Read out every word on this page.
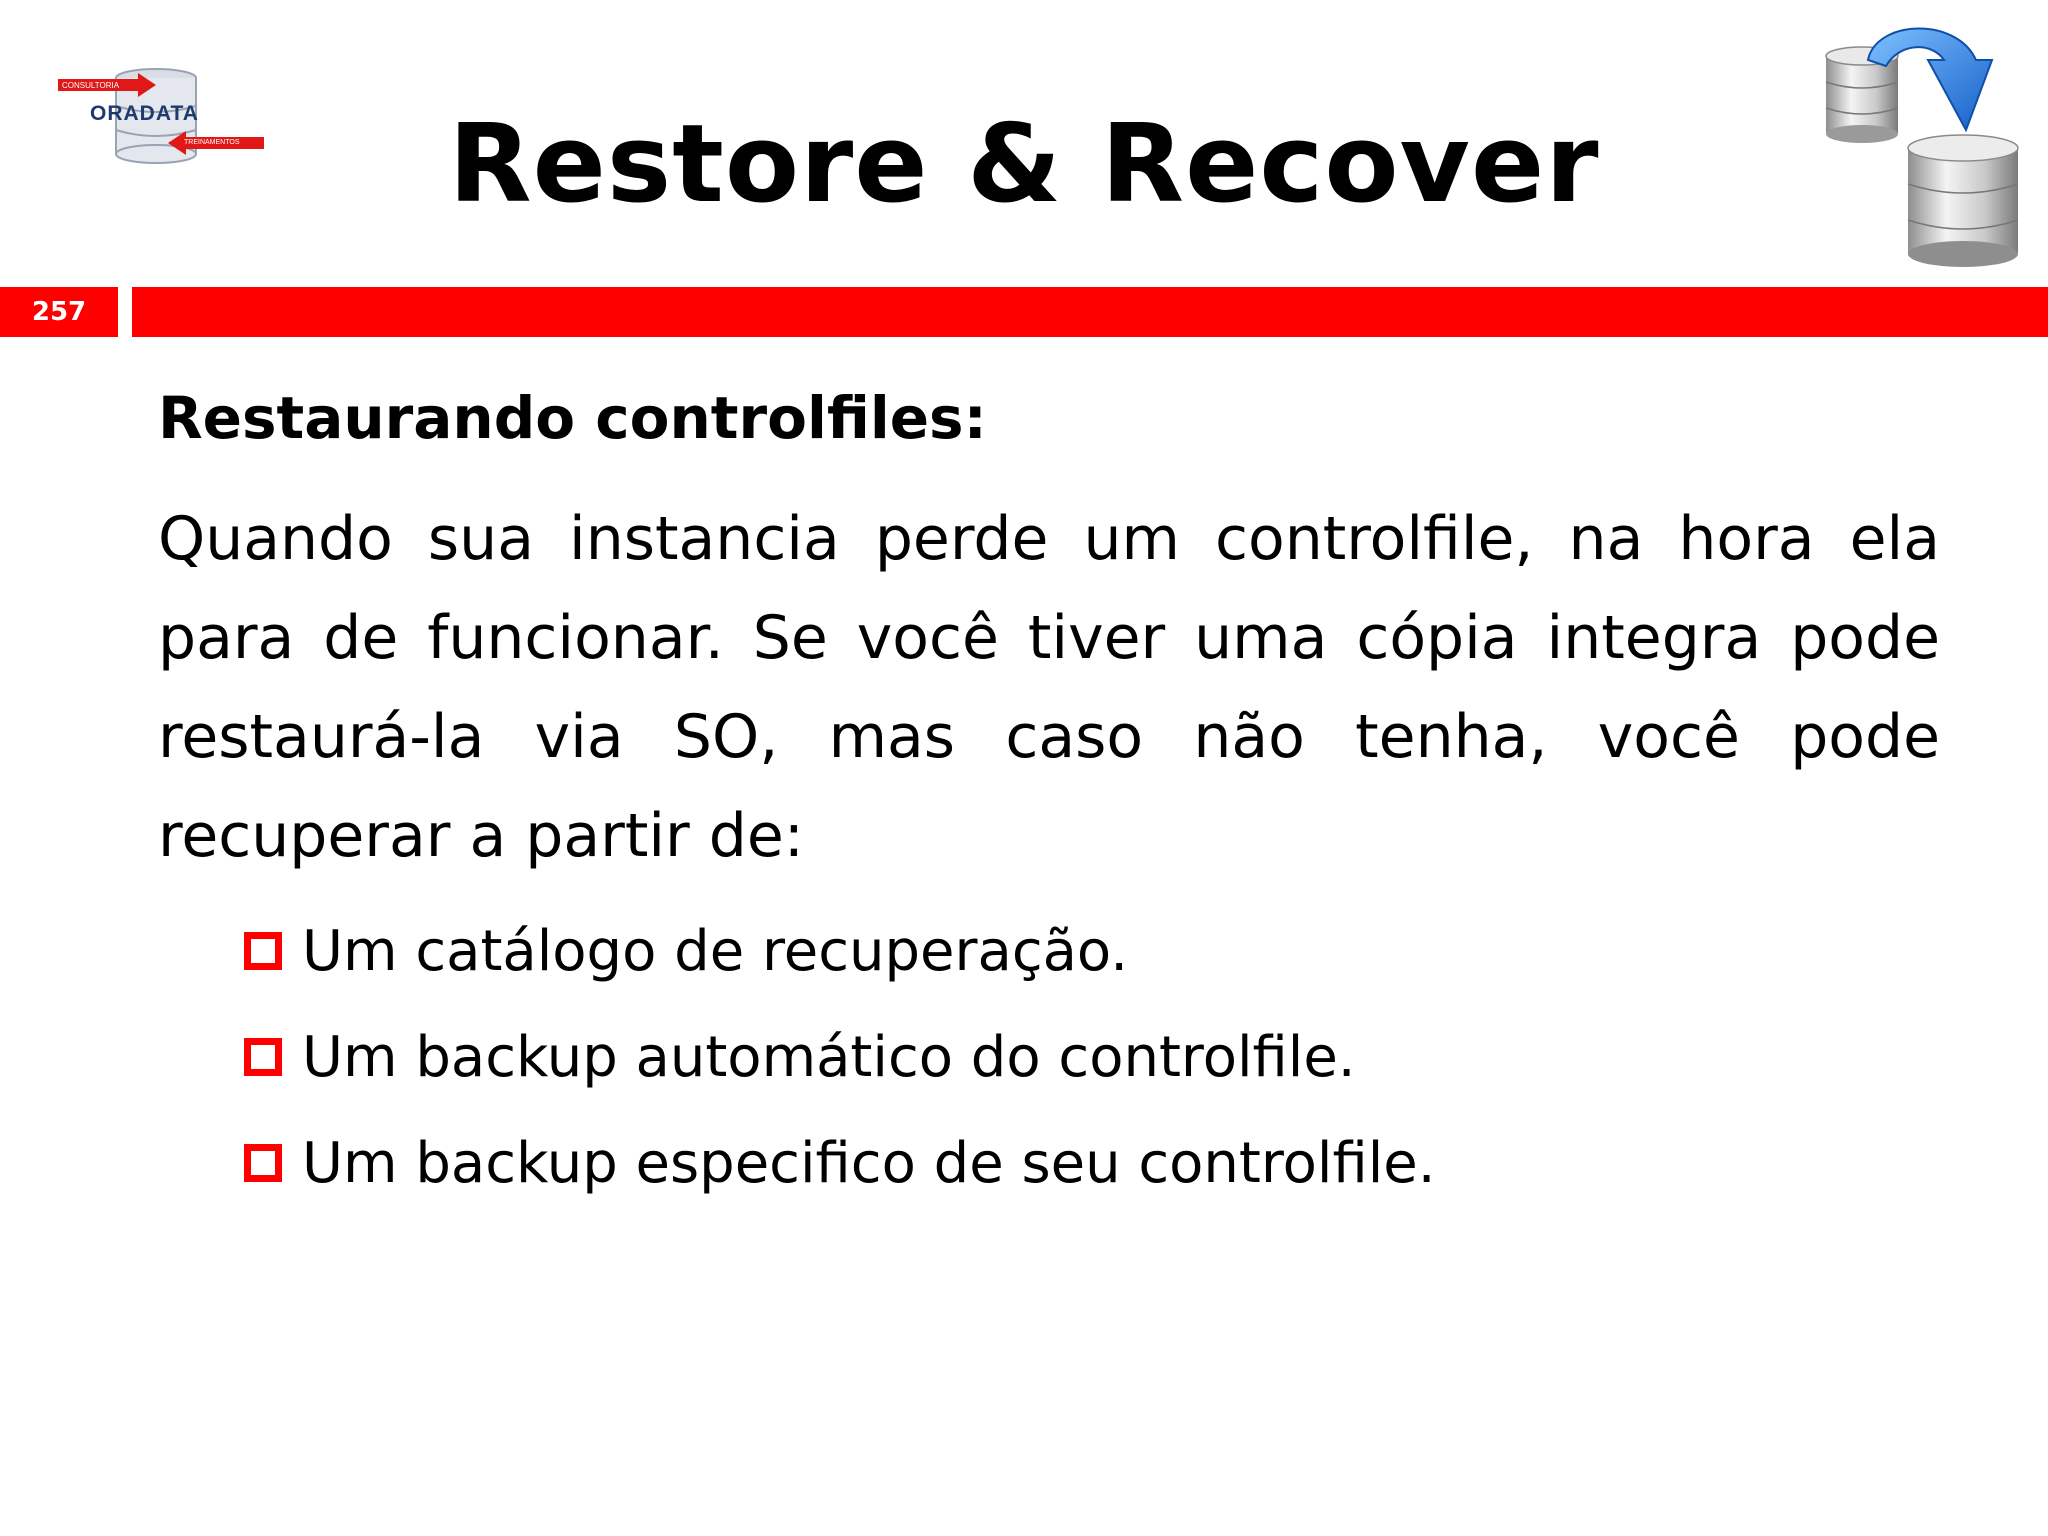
CONSULTORIA
ORADATA
TREINAMENTOS	Restore & Recover
257
Restaurando controlfiles:
Quando sua instancia perde um controlfile, na hora ela para de funcionar. Se você tiver uma cópia integra pode restaurá-la via SO, mas caso não tenha, você pode recuperar a partir de:
Um catálogo de recuperação.
Um backup automático do controlfile.
Um backup especifico de seu controlfile.
